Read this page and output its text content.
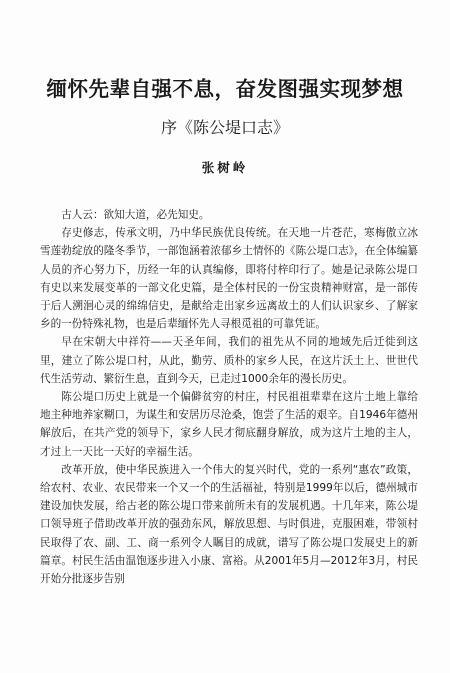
缅怀先辈自强不息，奋发图强实现梦想
序《陈公堤口志》
张树岭

古人云：欲知大道，必先知史。

存史修志，传承文明，乃中华民族优良传统。在天地一片苍茫，寒梅傲立冰雪莲勃绽放的隆冬季节，一部饱涵着浓郁乡土情怀的《陈公堤口志》，在全体编纂人员的齐心努力下，历经一年的认真编修，即将付梓印行了。她是记录陈公堤口有史以来发展变革的一部文化史篇，是全体村民的一份宝贵精神财富，是一部传于后人溯洄心灵的绵绵信史，是献给走出家乡远离故土的人们认识家乡、了解家乡的一份特殊礼物，也是后辈缅怀先人寻根觅祖的可靠凭证。

早在宋朝大中祥符——天圣年间，我们的祖先从不同的地域先后迁徙到这里，建立了陈公堤口村，从此，勤劳、质朴的家乡人民，在这片沃土上、世世代代生活劳动、繁衍生息，直到今天，已走过1000余年的漫长历史。

陈公堤口历史上就是一个偏僻贫穷的村庄，村民祖祖辈辈在这片土地上靠给地主种地养家糊口，为谋生和安居历尽沧桑，饱尝了生活的艰辛。自1946年德州解放后，在共产党的领导下，家乡人民才彻底翻身解放，成为这片土地的主人，才过上一天比一天好的幸福生活。

改革开放，使中华民族进入一个伟大的复兴时代，党的一系列“惠农”政策，给农村、农业、农民带来一个又一个的生活福祉，特别是1999年以后，德州城市建设加快发展，给古老的陈公堤口带来前所未有的发展机遇。十几年来，陈公堤口领导班子借助改革开放的强劲东风，解放思想、与时俱进，克服困难，带领村民取得了农、副、工、商一系列令人瞩目的成就，谱写了陈公堤口发展史上的新篇章。村民生活由温饱逐步进入小康、富裕。从2001年5月—2012年3月，村民开始分批逐步告别
